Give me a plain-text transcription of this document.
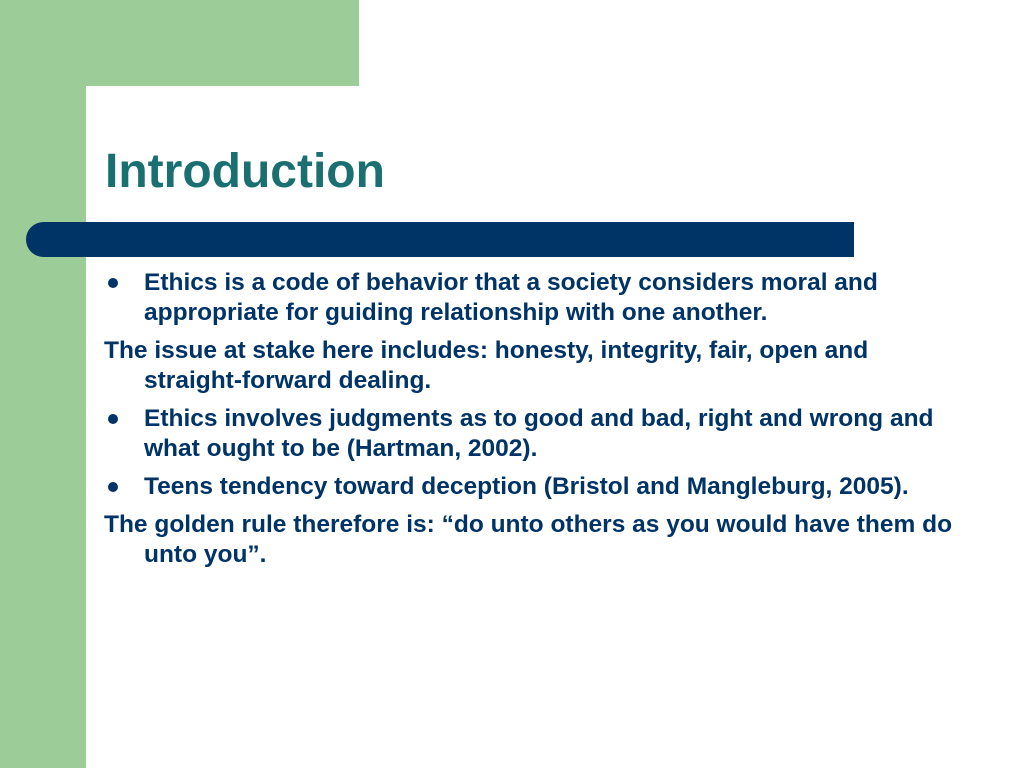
Introduction
Ethics is a code of behavior that a society considers moral and appropriate for guiding relationship with one another.
The issue at stake here includes: honesty, integrity, fair, open and straight-forward dealing.
Ethics involves judgments as to good and bad, right and wrong and what ought to be (Hartman, 2002).
Teens tendency toward deception (Bristol and Mangleburg, 2005).
The golden rule therefore is: “do unto others as you would have them do unto you”.
